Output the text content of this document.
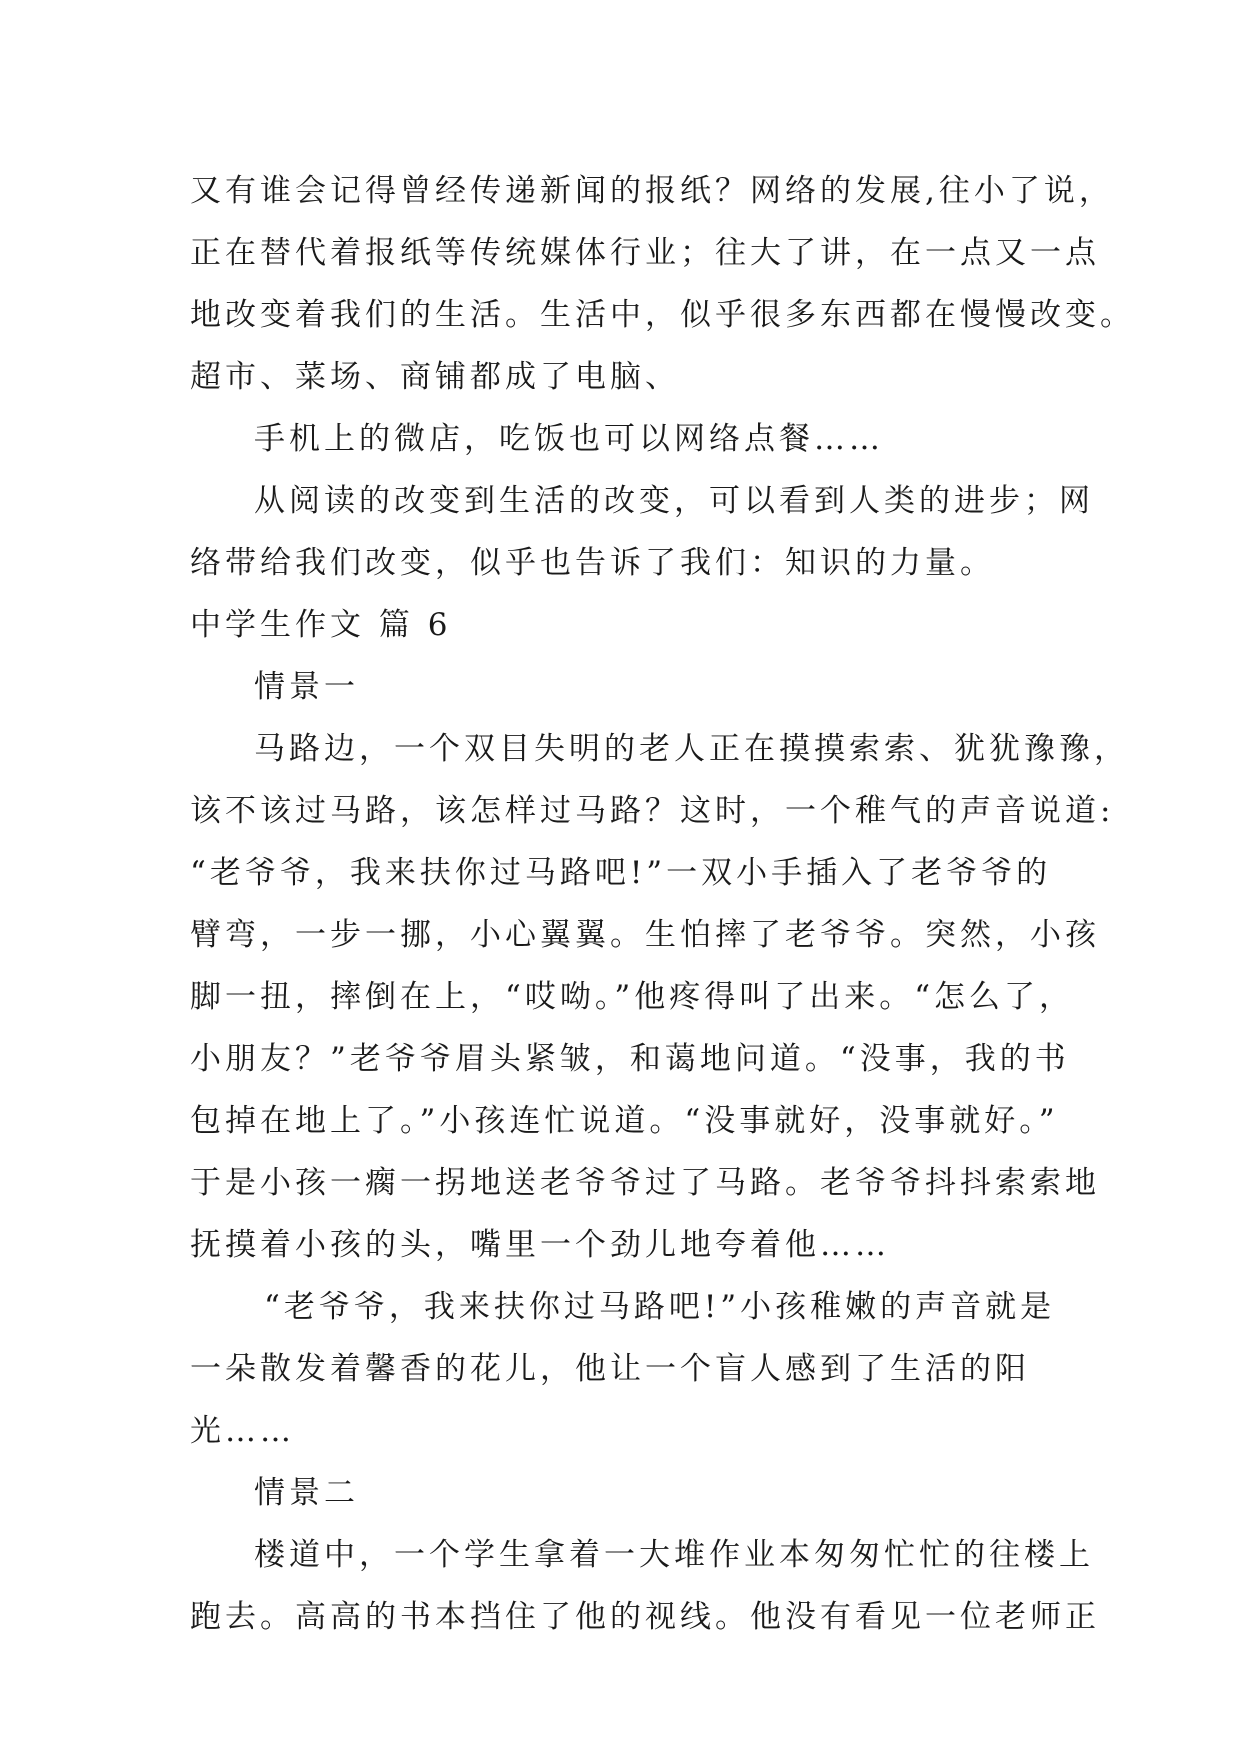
又有谁会记得曾经传递新闻的报纸？网络的发展,往小了说，
正在替代着报纸等传统媒体行业；往大了讲，在一点又一点
地改变着我们的生活。生活中，似乎很多东西都在慢慢改变。
超市、菜场、商铺都成了电脑、
手机上的微店，吃饭也可以网络点餐……
从阅读的改变到生活的改变，可以看到人类的进步；网
络带给我们改变，似乎也告诉了我们：知识的力量。
中学生作文 篇 6
情景一
马路边，一个双目失明的老人正在摸摸索索、犹犹豫豫，
该不该过马路，该怎样过马路？这时，一个稚气的声音说道:
“老爷爷，我来扶你过马路吧!”一双小手插入了老爷爷的
臂弯，一步一挪，小心翼翼。生怕摔了老爷爷。突然，小孩
脚一扭，摔倒在上，“哎呦。”他疼得叫了出来。“怎么了，
小朋友？”老爷爷眉头紧皱，和蔼地问道。“没事，我的书
包掉在地上了。”小孩连忙说道。“没事就好，没事就好。”
于是小孩一瘸一拐地送老爷爷过了马路。老爷爷抖抖索索地
抚摸着小孩的头，嘴里一个劲儿地夸着他……
“老爷爷，我来扶你过马路吧!”小孩稚嫩的声音就是
一朵散发着馨香的花儿，他让一个盲人感到了生活的阳
光……
情景二
楼道中，一个学生拿着一大堆作业本匆匆忙忙的往楼上
跑去。高高的书本挡住了他的视线。他没有看见一位老师正
